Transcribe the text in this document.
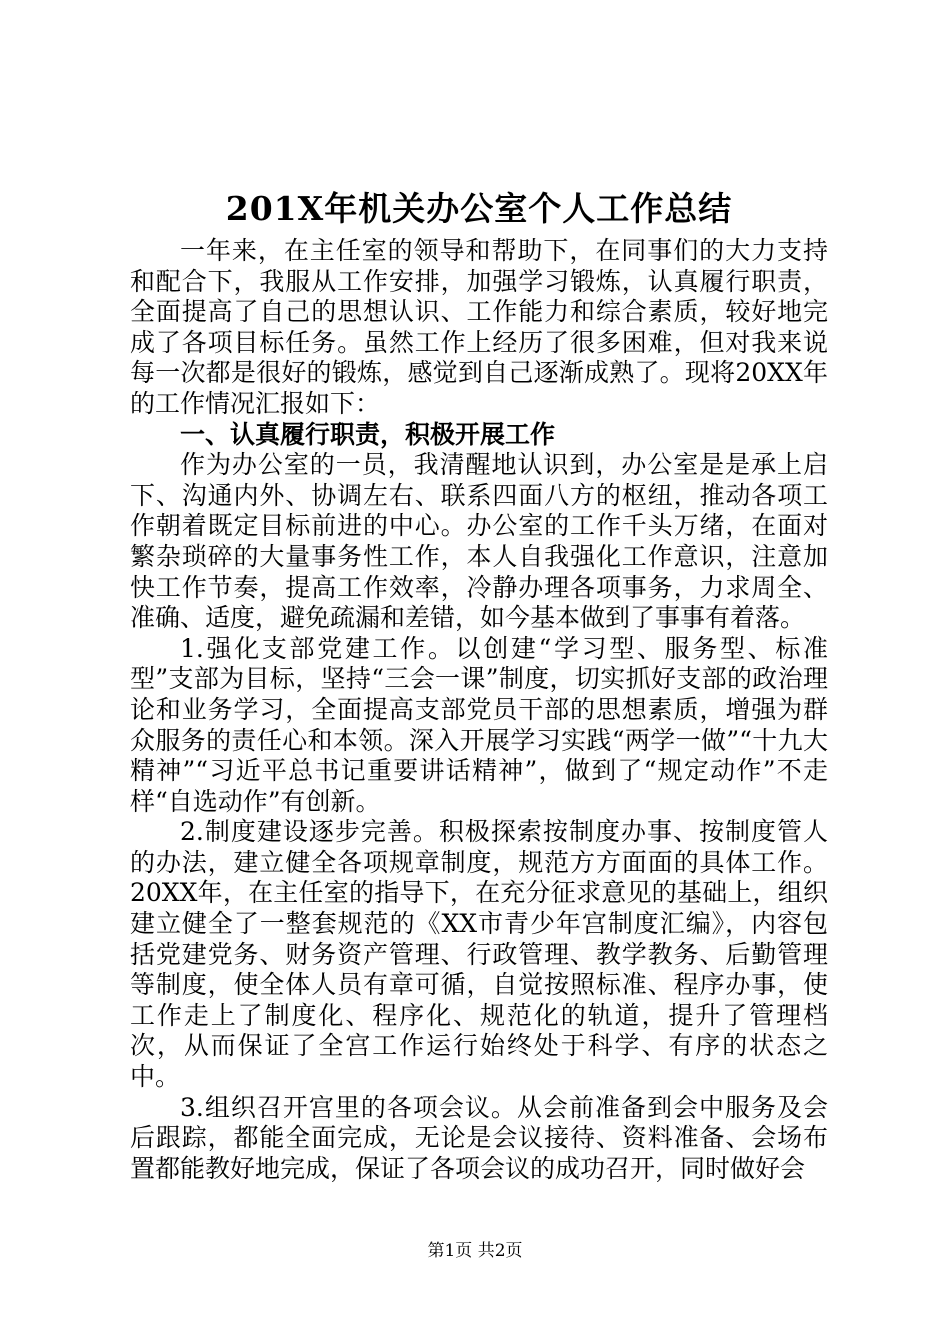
201X年机关办公室个人工作总结

一年来，在主任室的领导和帮助下，在同事们的大力支持和配合下，我服从工作安排，加强学习锻炼，认真履行职责，全面提高了自己的思想认识、工作能力和综合素质，较好地完成了各项目标任务。虽然工作上经历了很多困难，但对我来说每一次都是很好的锻炼，感觉到自己逐渐成熟了。现将20XX年的工作情况汇报如下：

一、认真履行职责，积极开展工作

作为办公室的一员，我清醒地认识到，办公室是是承上启下、沟通内外、协调左右、联系四面八方的枢纽，推动各项工作朝着既定目标前进的中心。办公室的工作千头万绪，在面对繁杂琐碎的大量事务性工作，本人自我强化工作意识，注意加快工作节奏，提高工作效率，冷静办理各项事务，力求周全、准确、适度，避免疏漏和差错，如今基本做到了事事有着落。

1.强化支部党建工作。以创建“学习型、服务型、标准型”支部为目标，坚持“三会一课”制度，切实抓好支部的政治理论和业务学习，全面提高支部党员干部的思想素质，增强为群众服务的责任心和本领。深入开展学习实践“两学一做”“十九大精神”“习近平总书记重要讲话精神”，做到了“规定动作”不走样“自选动作”有创新。

2.制度建设逐步完善。积极探索按制度办事、按制度管人的办法，建立健全各项规章制度，规范方方面面的具体工作。20XX年，在主任室的指导下，在充分征求意见的基础上，组织建立健全了一整套规范的《XX市青少年宫制度汇编》，内容包括党建党务、财务资产管理、行政管理、教学教务、后勤管理等制度，使全体人员有章可循，自觉按照标准、程序办事，使工作走上了制度化、程序化、规范化的轨道，提升了管理档次，从而保证了全宫工作运行始终处于科学、有序的状态之中。

3.组织召开宫里的各项会议。从会前准备到会中服务及会后跟踪，都能全面完成，无论是会议接待、资料准备、会场布置都能教好地完成，保证了各项会议的成功召开，同时做好会

第1页 共2页
